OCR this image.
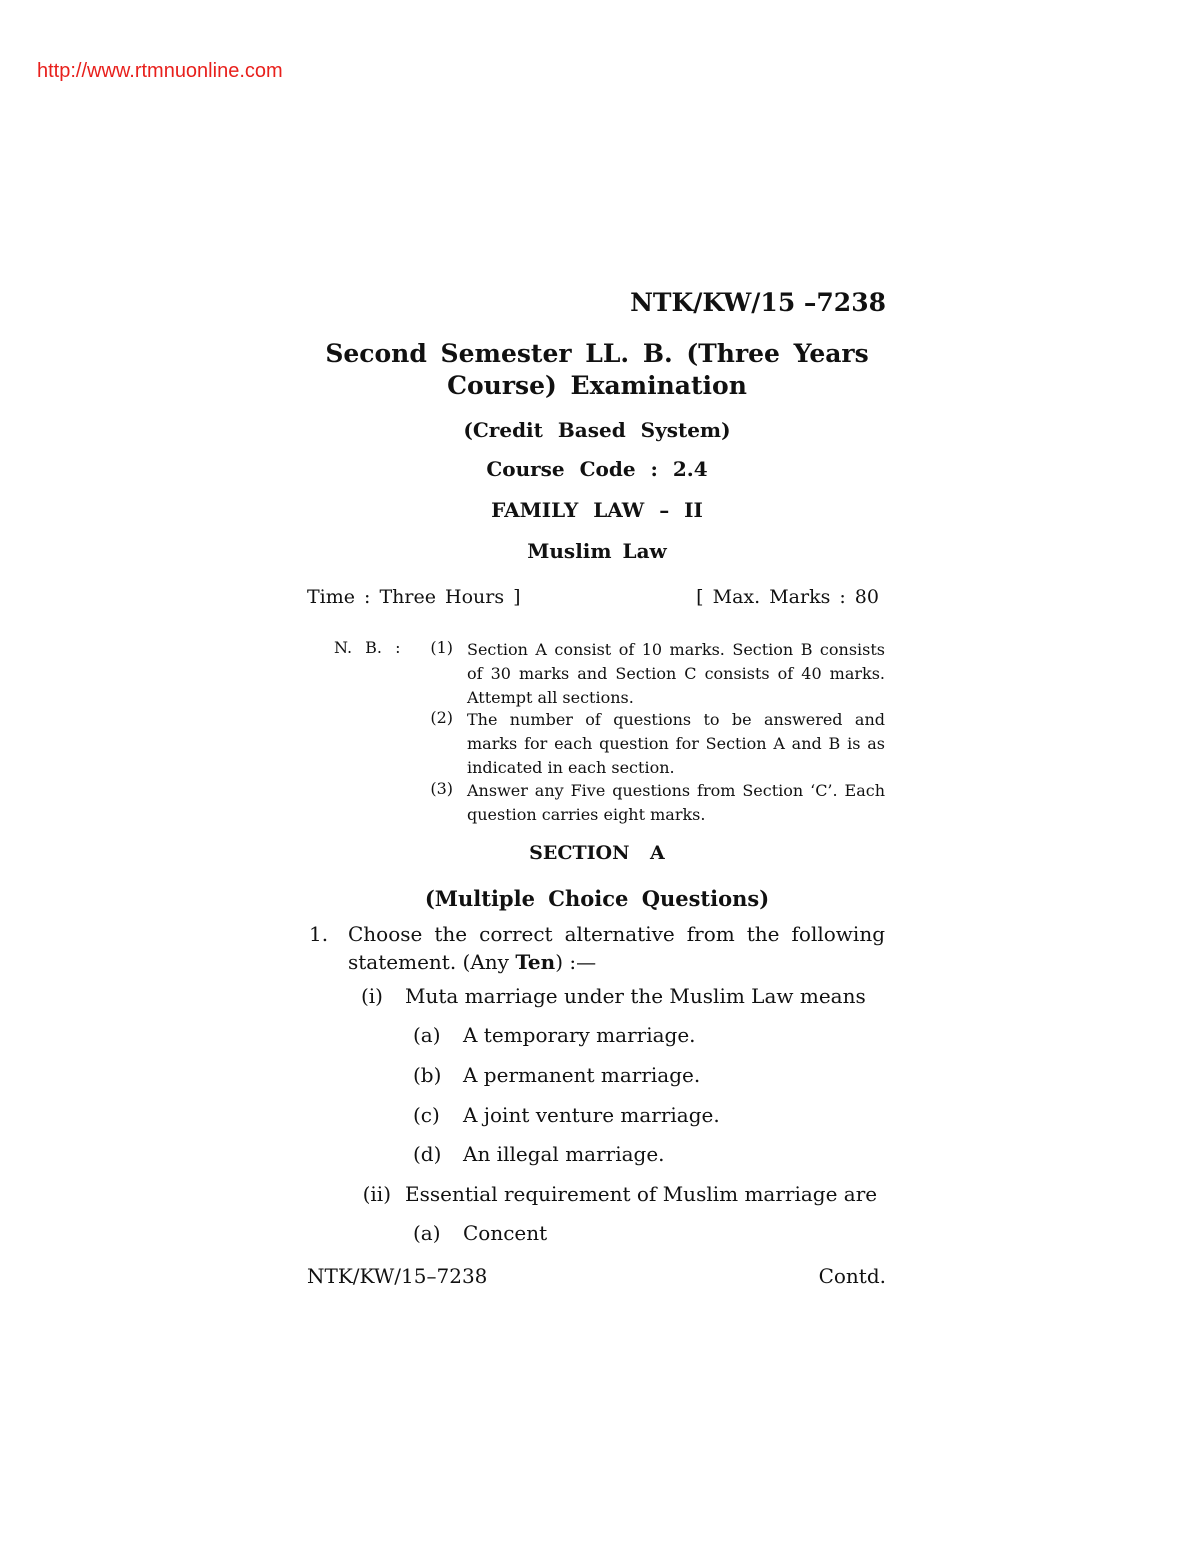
http://www.rtmnuonline.com
NTK/KW/15 –7238
Second Semester LL. B. (Three Years
Course) Examination
(Credit Based System)
Course Code : 2.4
FAMILY LAW – II
Muslim Law
Time : Three Hours ]	[ Max. Marks : 80
N. B. :	(1) Section A consist of 10 marks. Section B consists of 30 marks and Section C consists of 40 marks. Attempt all sections.
(2) The number of questions to be answered and marks for each question for Section A and B is as indicated in each section.
(3) Answer any Five questions from Section ‘C’. Each question carries eight marks.
SECTION A
(Multiple Choice Questions)
1. Choose the correct alternative from the following statement. (Any Ten) :—
(i) Muta marriage under the Muslim Law means
(a) A temporary marriage.
(b) A permanent marriage.
(c) A joint venture marriage.
(d) An illegal marriage.
(ii) Essential requirement of Muslim marriage are
(a) Concent
NTK/KW/15–7238	Contd.
